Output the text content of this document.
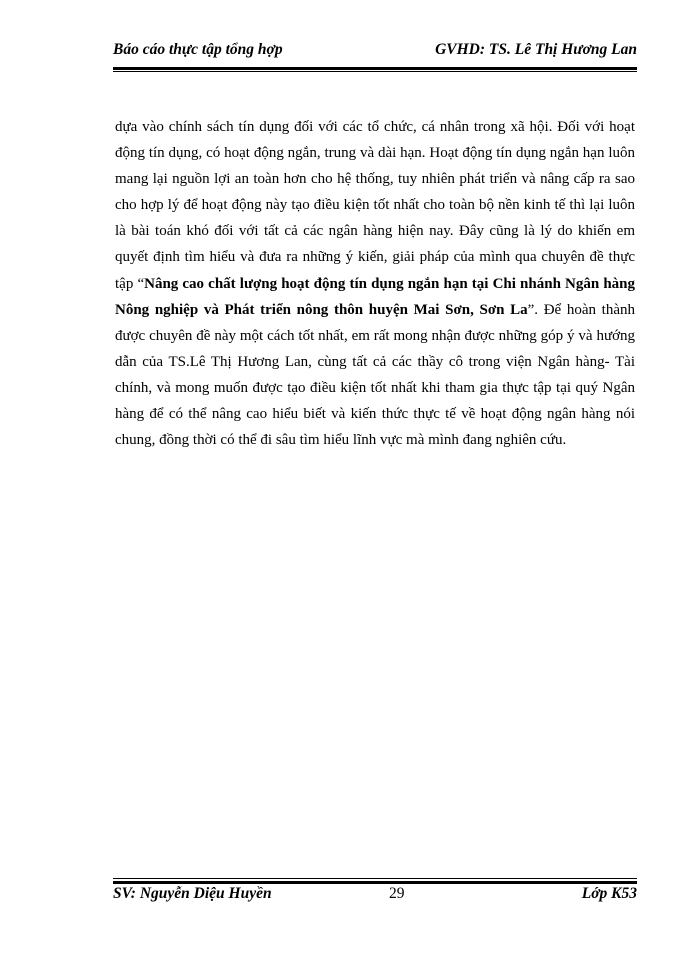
Báo cáo thực tập tổng hợp	GVHD: TS. Lê Thị Hương Lan
dựa vào chính sách tín dụng đối với các tổ chức, cá nhân trong xã hội. Đối với hoạt động tín dụng, có hoạt động ngắn, trung và dài hạn. Hoạt động tín dụng ngắn hạn luôn mang lại nguồn lợi an toàn hơn cho hệ thống, tuy nhiên phát triển và nâng cấp ra sao cho hợp lý để hoạt động này tạo điều kiện tốt nhất cho toàn bộ nền kinh tế thì lại luôn là bài toán khó đối với tất cả các ngân hàng hiện nay. Đây cũng là lý do khiến em quyết định tìm hiểu và đưa ra những ý kiến, giải pháp của mình qua chuyên đề thực tập “Nâng cao chất lượng hoạt động tín dụng ngắn hạn tại Chi nhánh Ngân hàng Nông nghiệp và Phát triển nông thôn huyện Mai Sơn, Sơn La”. Để hoàn thành được chuyên đề này một cách tốt nhất, em rất mong nhận được những góp ý và hướng dẫn của TS.Lê Thị Hương Lan, cùng tất cả các thầy cô trong viện Ngân hàng- Tài chính, và mong muốn được tạo điều kiện tốt nhất khi tham gia thực tập tại quý Ngân hàng để có thể nâng cao hiểu biết và kiến thức thực tế về hoạt động ngân hàng nói chung, đồng thời có thể đi sâu tìm hiểu lĩnh vực mà mình đang nghiên cứu.
SV: Nguyễn Diệu Huyền	29	Lớp K53
